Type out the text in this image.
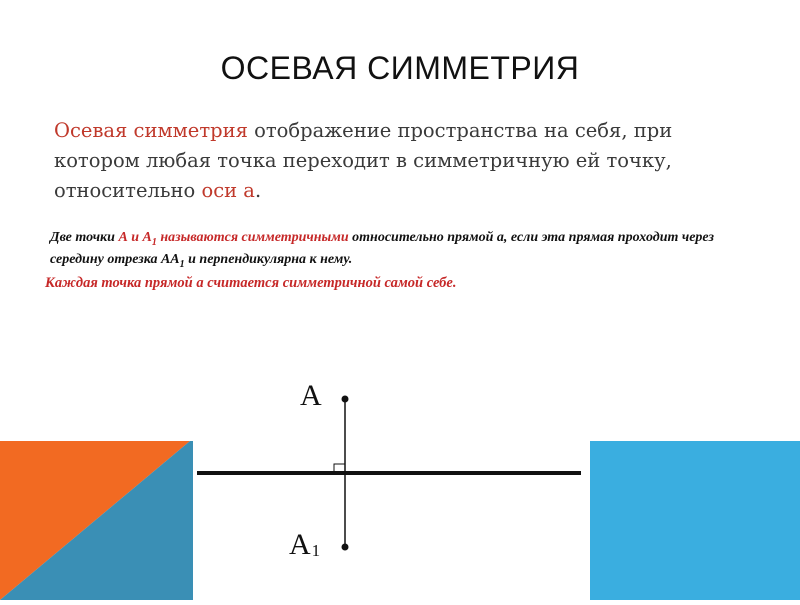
ОСЕВАЯ СИММЕТРИЯ
Осевая симметрия отображение пространства на себя, при котором любая точка переходит в симметричную ей точку, относительно оси а.
Две точки А и $А_1$ называются симметричными относительно прямой а, если эта прямая проходит через середину отрезка $АА_1$ и перпендикулярна к нему.
Каждая точка прямой а считается симметричной самой себе.
А
А1
